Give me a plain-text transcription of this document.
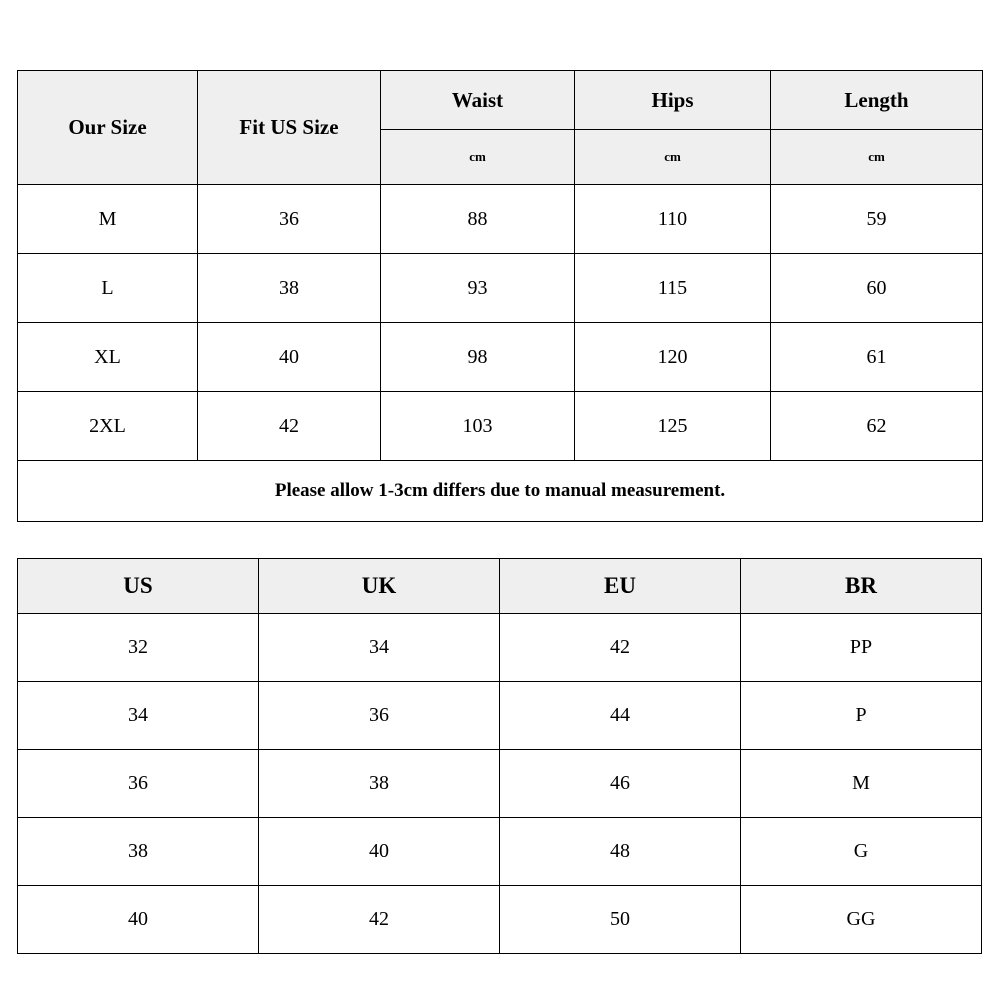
Our Size	Fit US Size	Waist	Hips	Length
		cm	cm	cm
M	36	88	110	59
L	38	93	115	60
XL	40	98	120	61
2XL	42	103	125	62
Please allow 1-3cm differs due to manual measurement.				
US	UK	EU	BR
32	34	42	PP
34	36	44	P
36	38	46	M
38	40	48	G
40	42	50	GG
